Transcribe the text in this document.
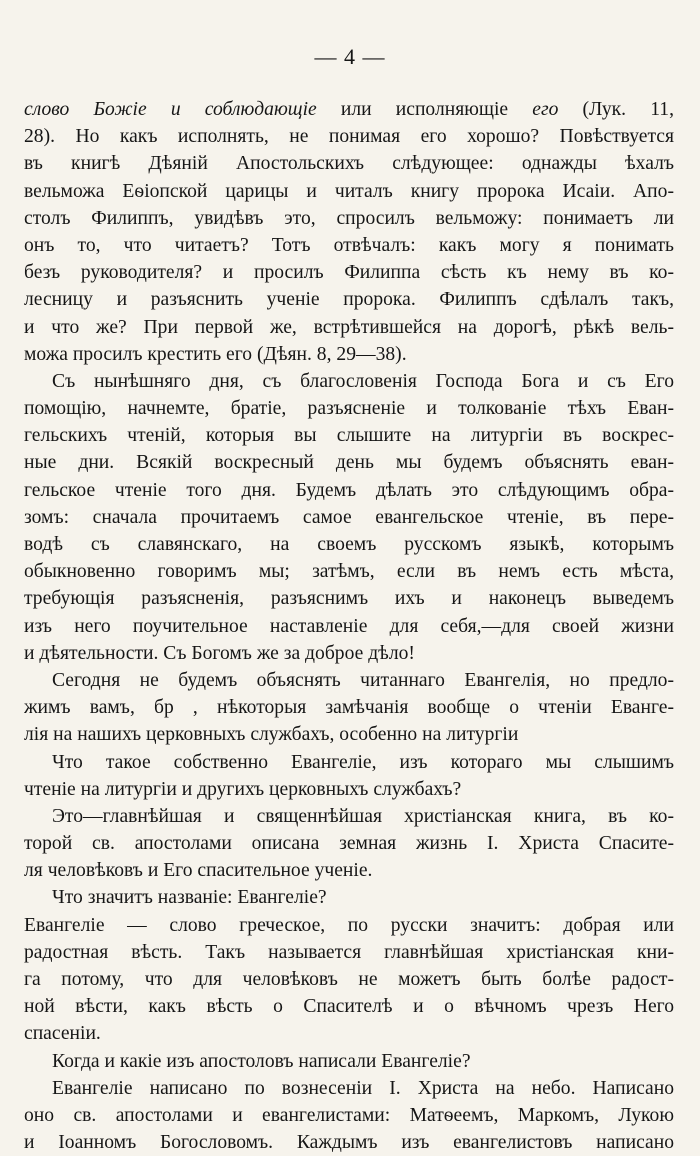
— 4 —
слово Божіе и соблюдающіе или исполняющіе его (Лук. 11,
28). Но какъ исполнять, не понимая его хорошо? Повѣствуется
въ книгѣ Дѣяній Апостольскихъ слѣдующее: однажды ѣхалъ
вельможа Еѳіопской царицы и читалъ книгу пророка Исаіи. Апо-
столъ Филиппъ, увидѣвъ это, спросилъ вельможу: понимаетъ ли
онъ то, что читаетъ? Тотъ отвѣчалъ: какъ могу я понимать
безъ руководителя? и просилъ Филиппа сѣсть къ нему въ ко-
лесницу и разъяснить ученіе пророка. Филиппъ сдѣлалъ такъ,
и что же? При первой же, встрѣтившейся на дорогѣ, рѣкѣ вель-
можа просилъ крестить его (Дѣян. 8, 29—38).
Съ нынѣшняго дня, съ благословенія Господа Бога и съ Его
помощію, начнемте, братіе, разъясненіе и толкованіе тѣхъ Еван-
гельскихъ чтеній, которыя вы слышите на литургіи въ воскрес-
ные дни. Всякій воскресный день мы будемъ объяснять еван-
гельское чтеніе того дня. Будемъ дѣлать это слѣдующимъ обра-
зомъ: сначала прочитаемъ самое евангельское чтеніе, въ пере-
водѣ съ славянскаго, на своемъ русскомъ языкѣ, которымъ
обыкновенно говоримъ мы; затѣмъ, если въ немъ есть мѣста,
требующія разъясненія, разъяснимъ ихъ и наконецъ выведемъ
изъ него поучительное наставленіе для себя,—для своей жизни
и дѣятельности. Съ Богомъ же за доброе дѣло!
Сегодня не будемъ объяснять читаннаго Евангелія, но предло-
жимъ вамъ, бр , нѣкоторыя замѣчанія вообще о чтеніи Еванге-
лія на нашихъ церковныхъ службахъ, особенно на литургіи
Что такое собственно Евангеліе, изъ котораго мы слышимъ
чтеніе на литургіи и другихъ церковныхъ службахъ?
Это—главнѣйшая и священнѣйшая христіанская книга, въ ко-
торой св. апостолами описана земная жизнь І. Христа Спасите-
ля человѣковъ и Его спасительное ученіе.
Что значитъ названіе: Евангеліе?
Евангеліе — слово греческое, по русски значитъ: добрая или
радостная вѣсть. Такъ называется главнѣйшая христіанская кни-
га потому, что для человѣковъ не можетъ быть болѣе радост-
ной вѣсти, какъ вѣсть о Спасителѣ и о вѣчномъ чрезъ Него
спасеніи.
Когда и какіе изъ апостоловъ написали Евангеліе?
Евангеліе написано по вознесеніи І. Христа на небо. Написано
оно св. апостолами и евангелистами: Матѳеемъ, Маркомъ, Лукою
и Іоанномъ Богословомъ. Каждымъ изъ евангелистовъ написано
